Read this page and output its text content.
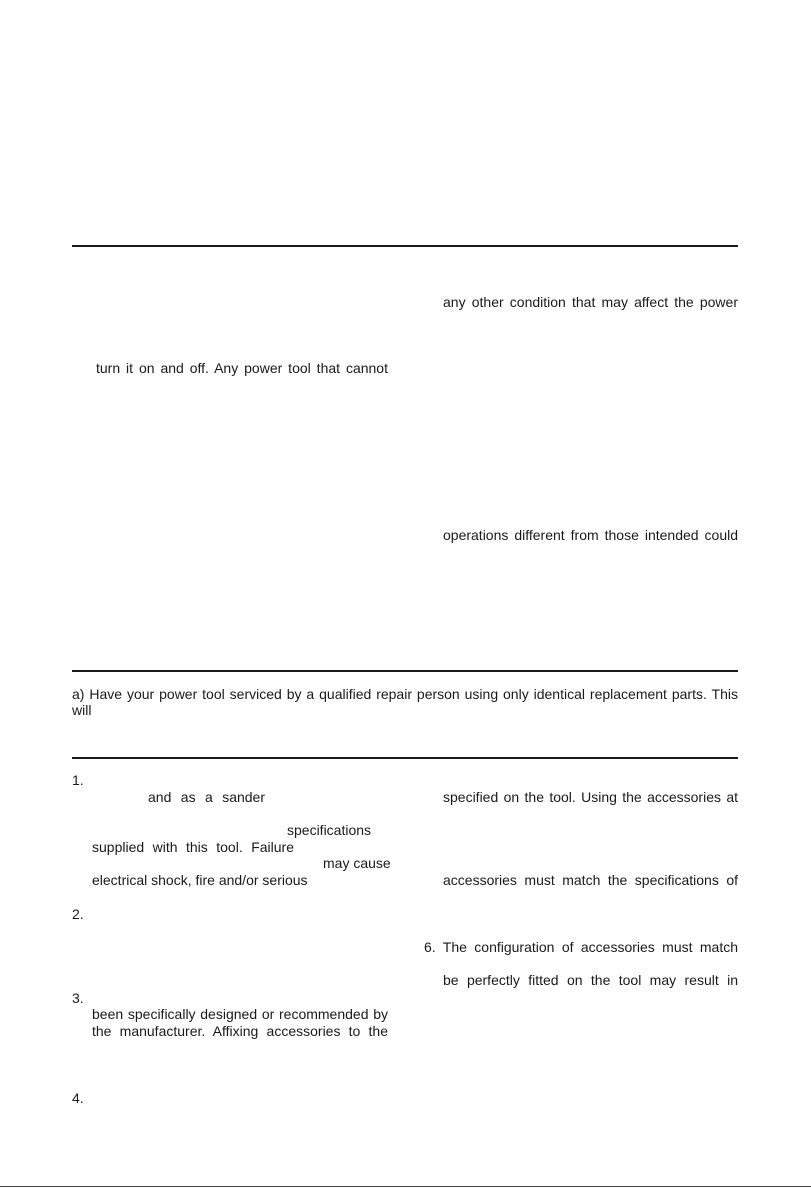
any other condition that may affect the power
turn it on and off. Any power tool that cannot
operations different from those intended could
a) Have your power tool serviced by a qualified repair person using only identical replacement parts. This will
1.
and as a sander	specified on the tool. Using the accessories at
specifications
supplied with this tool. Failure
may cause
electrical shock, fire and/or serious	accessories must match the specifications of
2.
6. The configuration of accessories must match
be perfectly fitted on the tool may result in
3.
been specifically designed or recommended by
the manufacturer. Affixing accessories to the
4.
